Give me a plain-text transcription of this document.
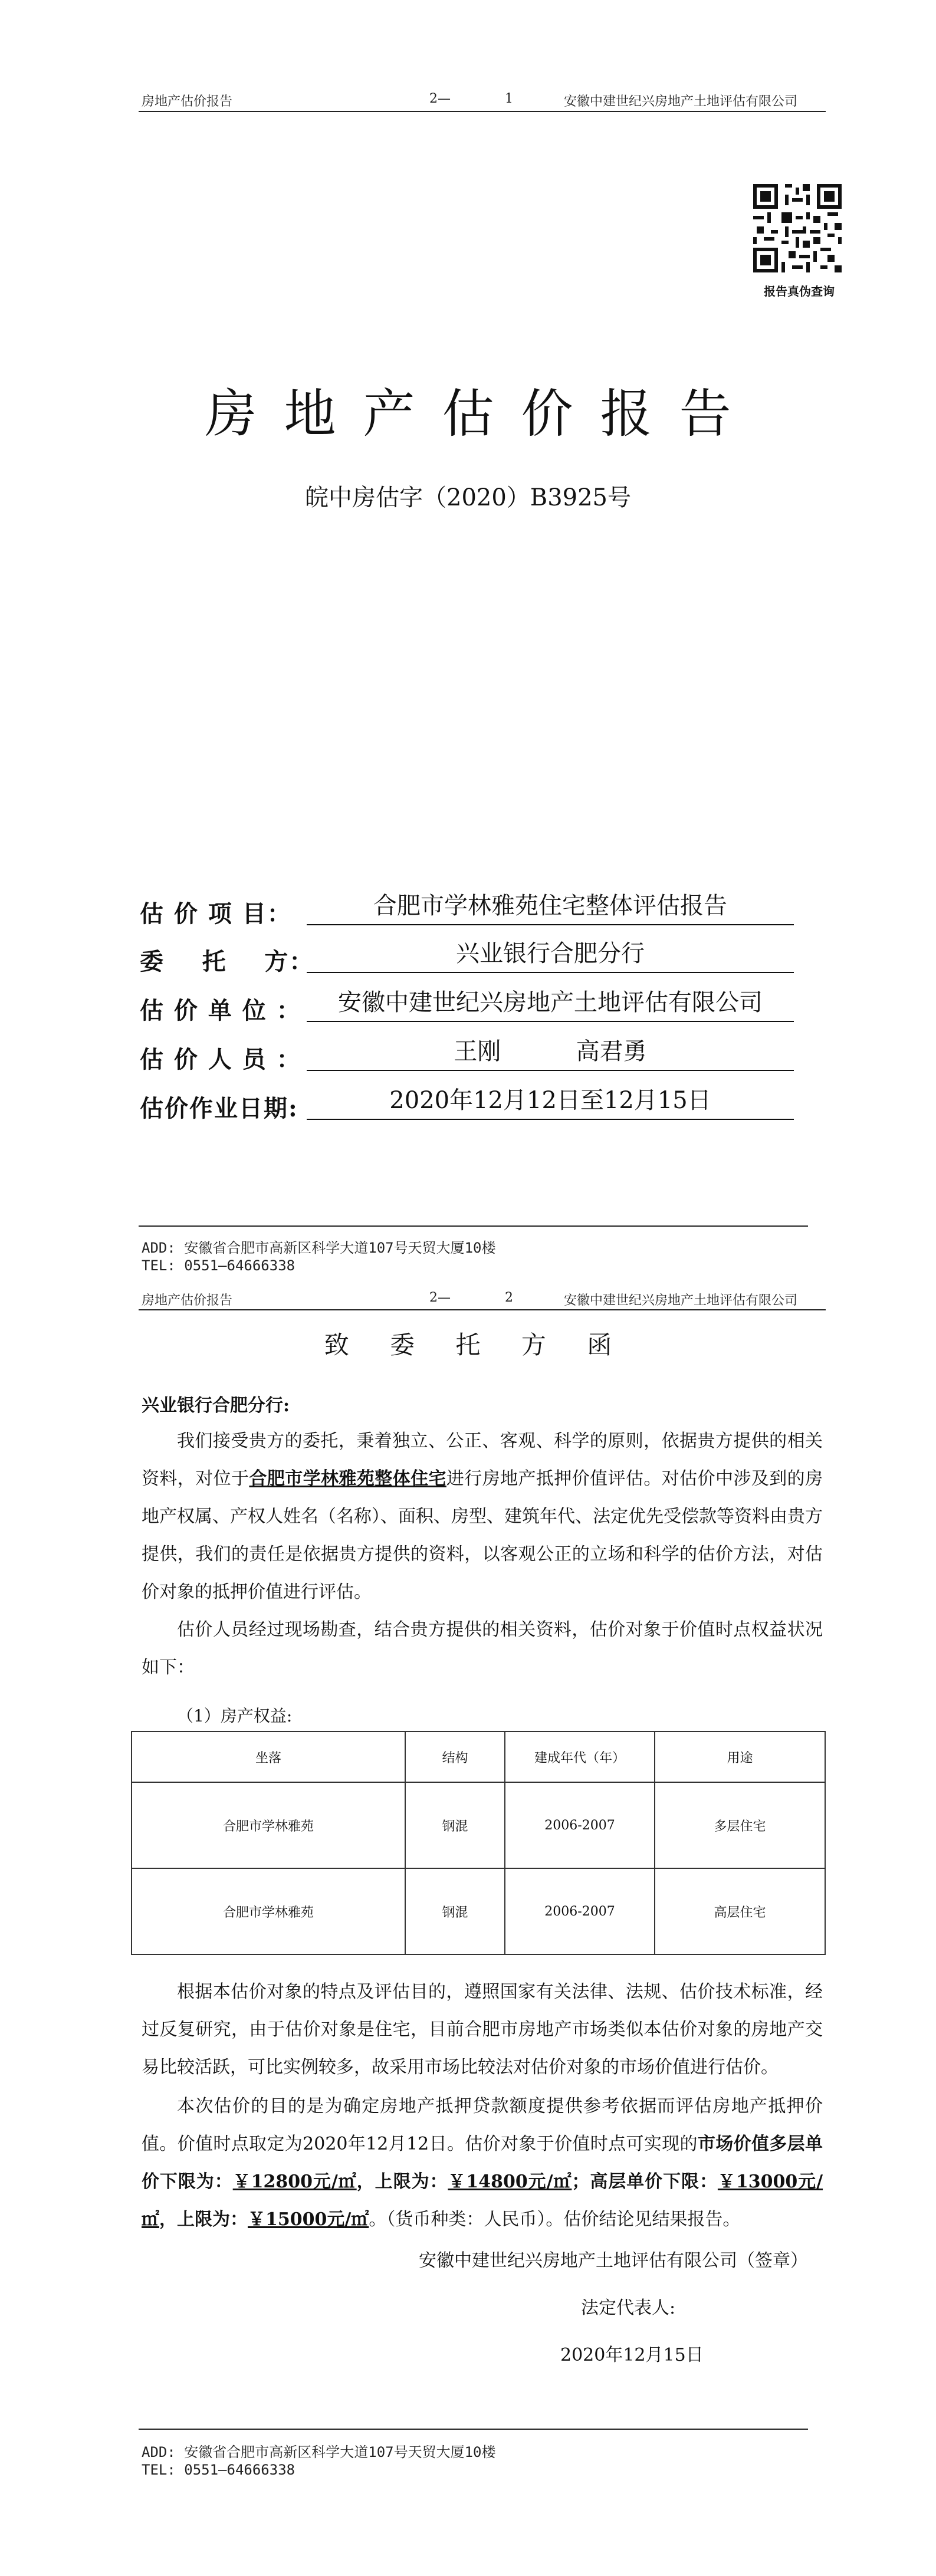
房地产估价报告	2—	1	安徽中建世纪兴房地产土地评估有限公司
报告真伪查询
房地产估价报告
皖中房估字（2020）B3925号
估 价 项 目：	合肥市学林雅苑住宅整体评估报告
委    托    方：	兴业银行合肥分行
估 价 单 位 ：	安徽中建世纪兴房地产土地评估有限公司
估 价 人 员 ：	王刚          高君勇
估价作业日期:	2020年12月12日至12月15日
ADD: 安徽省合肥市高新区科学大道107号天贸大厦10楼
TEL: 0551—64666338
房地产估价报告	2—	2	安徽中建世纪兴房地产土地评估有限公司
致 委 托 方 函
兴业银行合肥分行:
我们接受贵方的委托，秉着独立、公正、客观、科学的原则，依据贵方提供的相关资料，对位于合肥市学林雅苑整体住宅进行房地产抵押价值评估。对估价中涉及到的房地产权属、产权人姓名（名称）、面积、房型、建筑年代、法定优先受偿款等资料由贵方提供，我们的责任是依据贵方提供的资料，以客观公正的立场和科学的估价方法，对估价对象的抵押价值进行评估。
估价人员经过现场勘查，结合贵方提供的相关资料，估价对象于价值时点权益状况如下：
（1）房产权益:
坐落	结构	建成年代（年）	用途
合肥市学林雅苑	钢混	2006-2007	多层住宅
合肥市学林雅苑	钢混	2006-2007	高层住宅
根据本估价对象的特点及评估目的，遵照国家有关法律、法规、估价技术标准，经过反复研究，由于估价对象是住宅，目前合肥市房地产市场类似本估价对象的房地产交易比较活跃，可比实例较多，故采用市场比较法对估价对象的市场价值进行估价。
本次估价的目的是为确定房地产抵押贷款额度提供参考依据而评估房地产抵押价值。价值时点取定为2020年12月12日。估价对象于价值时点可实现的市场价值多层单价下限为：￥12800元/㎡，上限为：￥14800元/㎡；高层单价下限：￥13000元/㎡，上限为：￥15000元/㎡。（货币种类：人民币）。估价结论见结果报告。
安徽中建世纪兴房地产土地评估有限公司（签章）
法定代表人:
2020年12月15日
ADD: 安徽省合肥市高新区科学大道107号天贸大厦10楼
TEL: 0551—64666338
